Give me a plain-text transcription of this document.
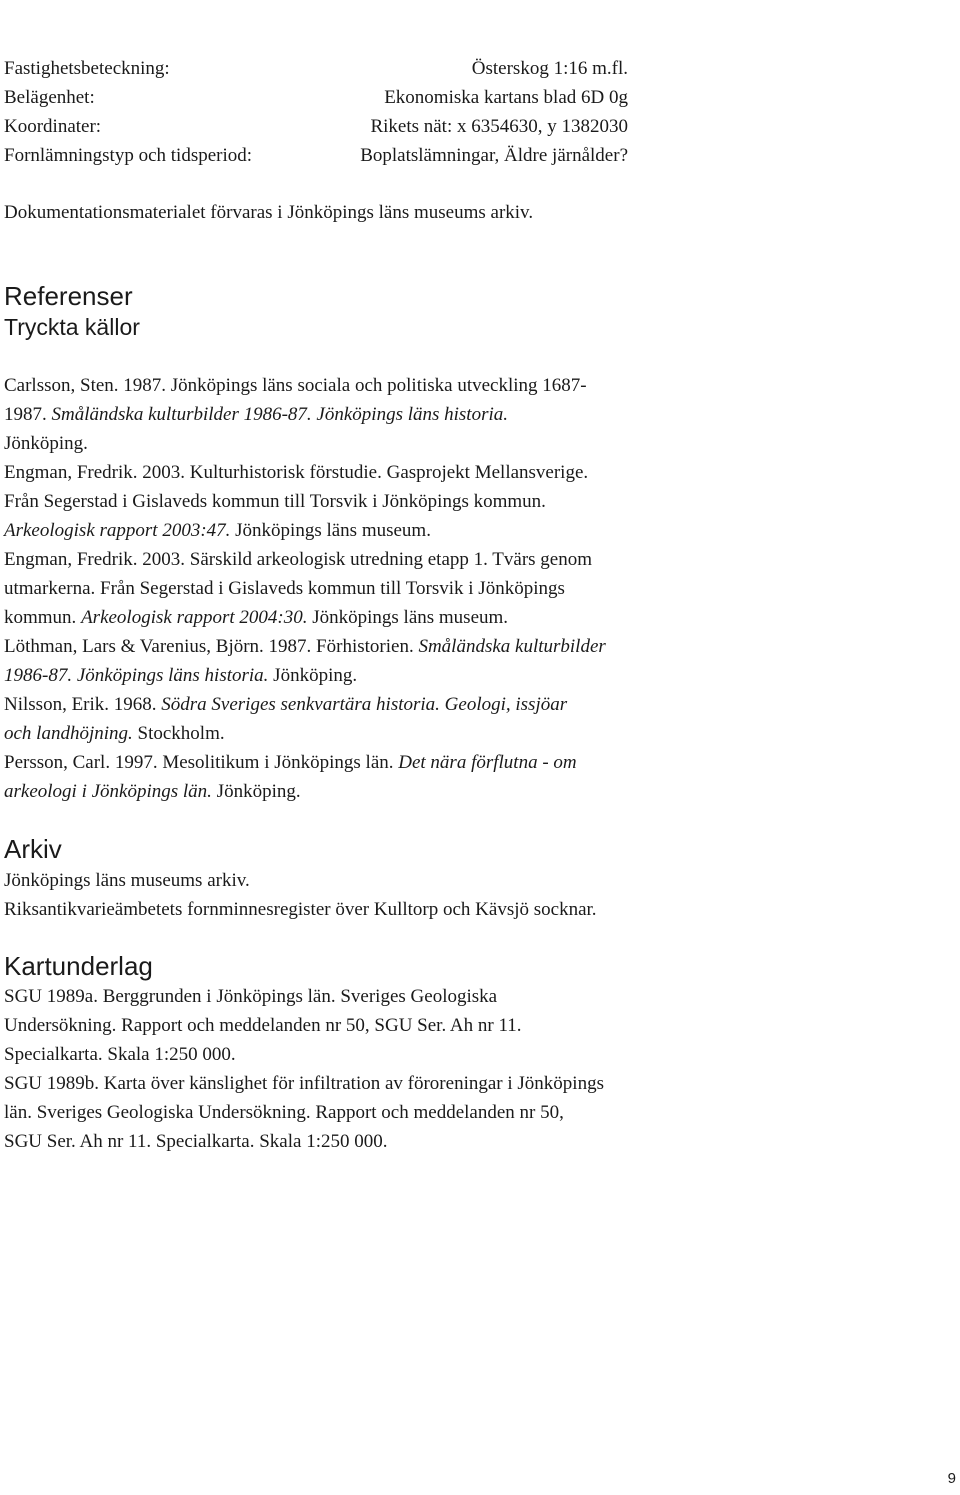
Fastighetsbeteckning:	Österskog 1:16 m.fl.
Belägenhet:	Ekonomiska kartans blad 6D 0g
Koordinater:	Rikets nät: x 6354630, y 1382030
Fornlämningstyp och tidsperiod:	Boplatslämningar, Äldre järnålder?
Dokumentationsmaterialet förvaras i Jönköpings läns museums arkiv.
Referenser
Tryckta källor
Carlsson, Sten. 1987. Jönköpings läns sociala och politiska utveckling 1687-
1987. Småländska kulturbilder 1986-87. Jönköpings läns historia.
Jönköping.
Engman, Fredrik. 2003. Kulturhistorisk förstudie. Gasprojekt Mellansverige.
Från Segerstad i Gislaveds kommun till Torsvik i Jönköpings kommun.
Arkeologisk rapport 2003:47. Jönköpings läns museum.
Engman, Fredrik. 2003. Särskild arkeologisk utredning etapp 1. Tvärs genom
utmarkerna. Från Segerstad i Gislaveds kommun till Torsvik i Jönköpings
kommun. Arkeologisk rapport 2004:30. Jönköpings läns museum.
Löthman, Lars & Varenius, Björn. 1987. Förhistorien. Småländska kulturbilder
1986-87. Jönköpings läns historia. Jönköping.
Nilsson, Erik. 1968. Södra Sveriges senkvartära historia. Geologi, issjöar
och landhöjning. Stockholm.
Persson, Carl. 1997. Mesolitikum i Jönköpings län. Det nära förflutna - om
arkeologi i Jönköpings län. Jönköping.
Arkiv
Jönköpings läns museums arkiv.
Riksantikvarieämbetets fornminnesregister över Kulltorp och Kävsjö socknar.
Kartunderlag
SGU 1989a. Berggrunden i Jönköpings län. Sveriges Geologiska
Undersökning. Rapport och meddelanden nr 50, SGU Ser. Ah nr 11.
Specialkarta. Skala 1:250 000.
SGU 1989b. Karta över känslighet för infiltration av föroreningar i Jönköpings
län. Sveriges Geologiska Undersökning. Rapport och meddelanden nr 50,
SGU Ser. Ah nr 11. Specialkarta. Skala 1:250 000.
9
